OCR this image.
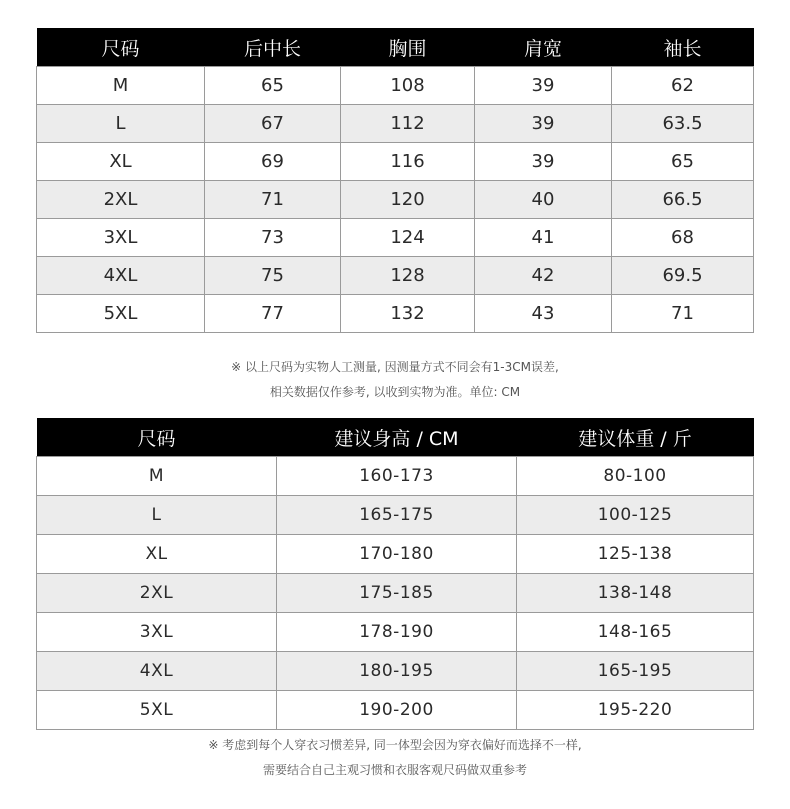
尺码	后中长	胸围	肩宽	袖长
M	65	108	39	62
L	67	112	39	63.5
XL	69	116	39	65
2XL	71	120	40	66.5
3XL	73	124	41	68
4XL	75	128	42	69.5
5XL	77	132	43	71
※ 以上尺码为实物人工测量, 因测量方式不同会有1-3CM误差,
相关数据仅作参考, 以收到实物为准。单位: CM
尺码	建议身高 / CM	建议体重 / 斤
M	160-173	80-100
L	165-175	100-125
XL	170-180	125-138
2XL	175-185	138-148
3XL	178-190	148-165
4XL	180-195	165-195
5XL	190-200	195-220
※ 考虑到每个人穿衣习惯差异, 同一体型会因为穿衣偏好而选择不一样,
需要结合自己主观习惯和衣服客观尺码做双重参考
